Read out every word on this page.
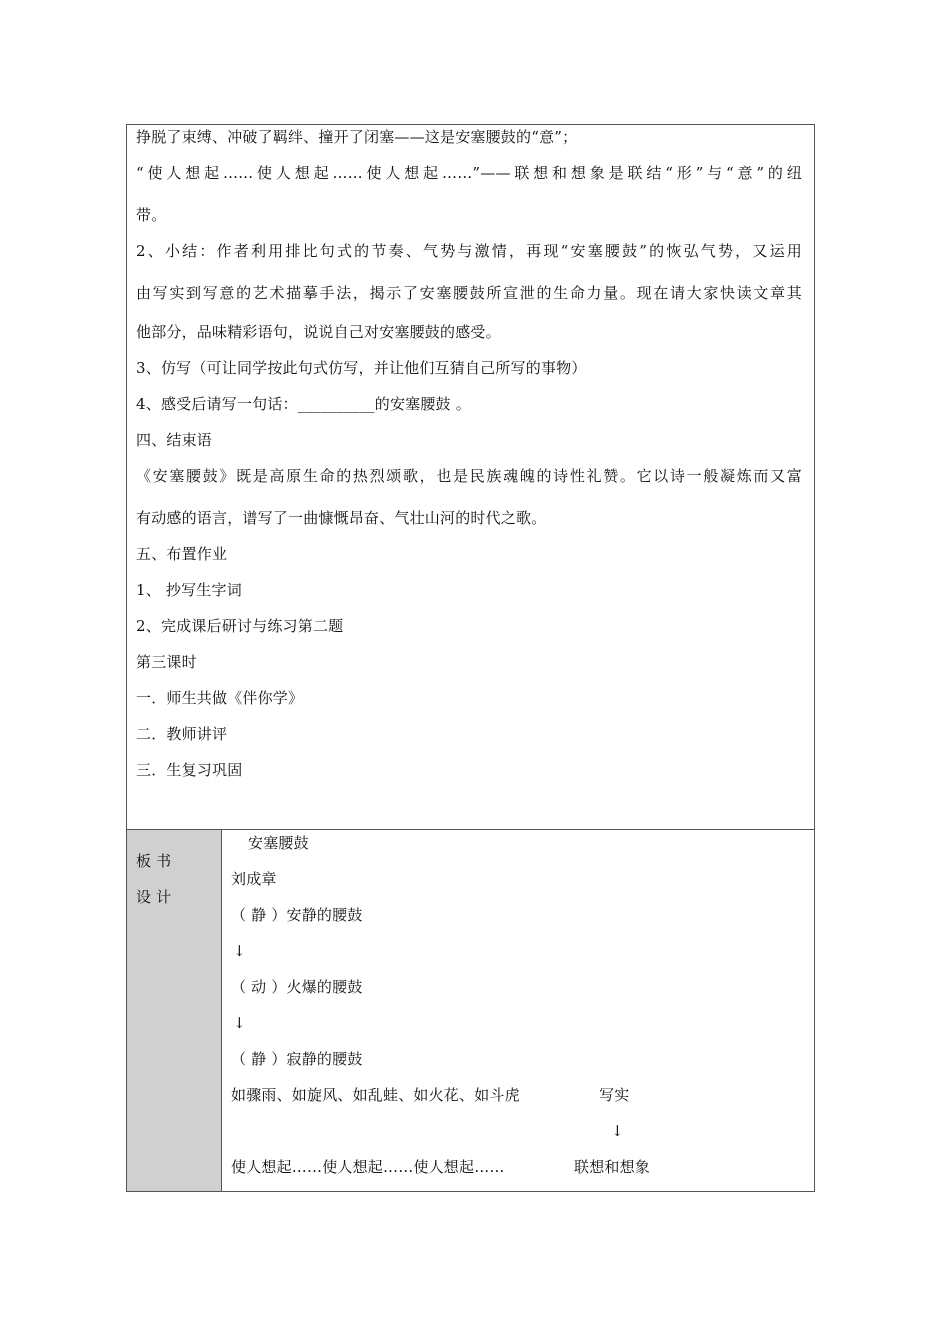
挣脱了束缚、冲破了羁绊、撞开了闭塞——这是安塞腰鼓的“意”；
“使人想起……使人想起……使人想起……”——联想和想象是联结“形”与“意”的纽
带。
2、小结：作者利用排比句式的节奏、气势与激情，再现“安塞腰鼓”的恢弘气势，又运用
由写实到写意的艺术描摹手法，揭示了安塞腰鼓所宣泄的生命力量。现在请大家快读文章其
他部分，品味精彩语句，说说自己对安塞腰鼓的感受。
3、仿写（可让同学按此句式仿写，并让他们互猜自己所写的事物）
4、感受后请写一句话：__________的安塞腰鼓 。
四、结束语
《安塞腰鼓》既是高原生命的热烈颂歌，也是民族魂魄的诗性礼赞。它以诗一般凝炼而又富
有动感的语言，谱写了一曲慷慨昂奋、气壮山河的时代之歌。
五、布置作业
1、 抄写生字词
2、完成课后研讨与练习第二题
第三课时
一．师生共做《伴你学》
二．教师讲评
三．生复习巩固
板 书
设 计
安塞腰鼓
刘成章
（ 静 ）安静的腰鼓
↓
（ 动 ）火爆的腰鼓
↓
（ 静 ）寂静的腰鼓
如骤雨、如旋风、如乱蛙、如火花、如斗虎	写实
↓
使人想起……使人想起……使人想起……	联想和想象
